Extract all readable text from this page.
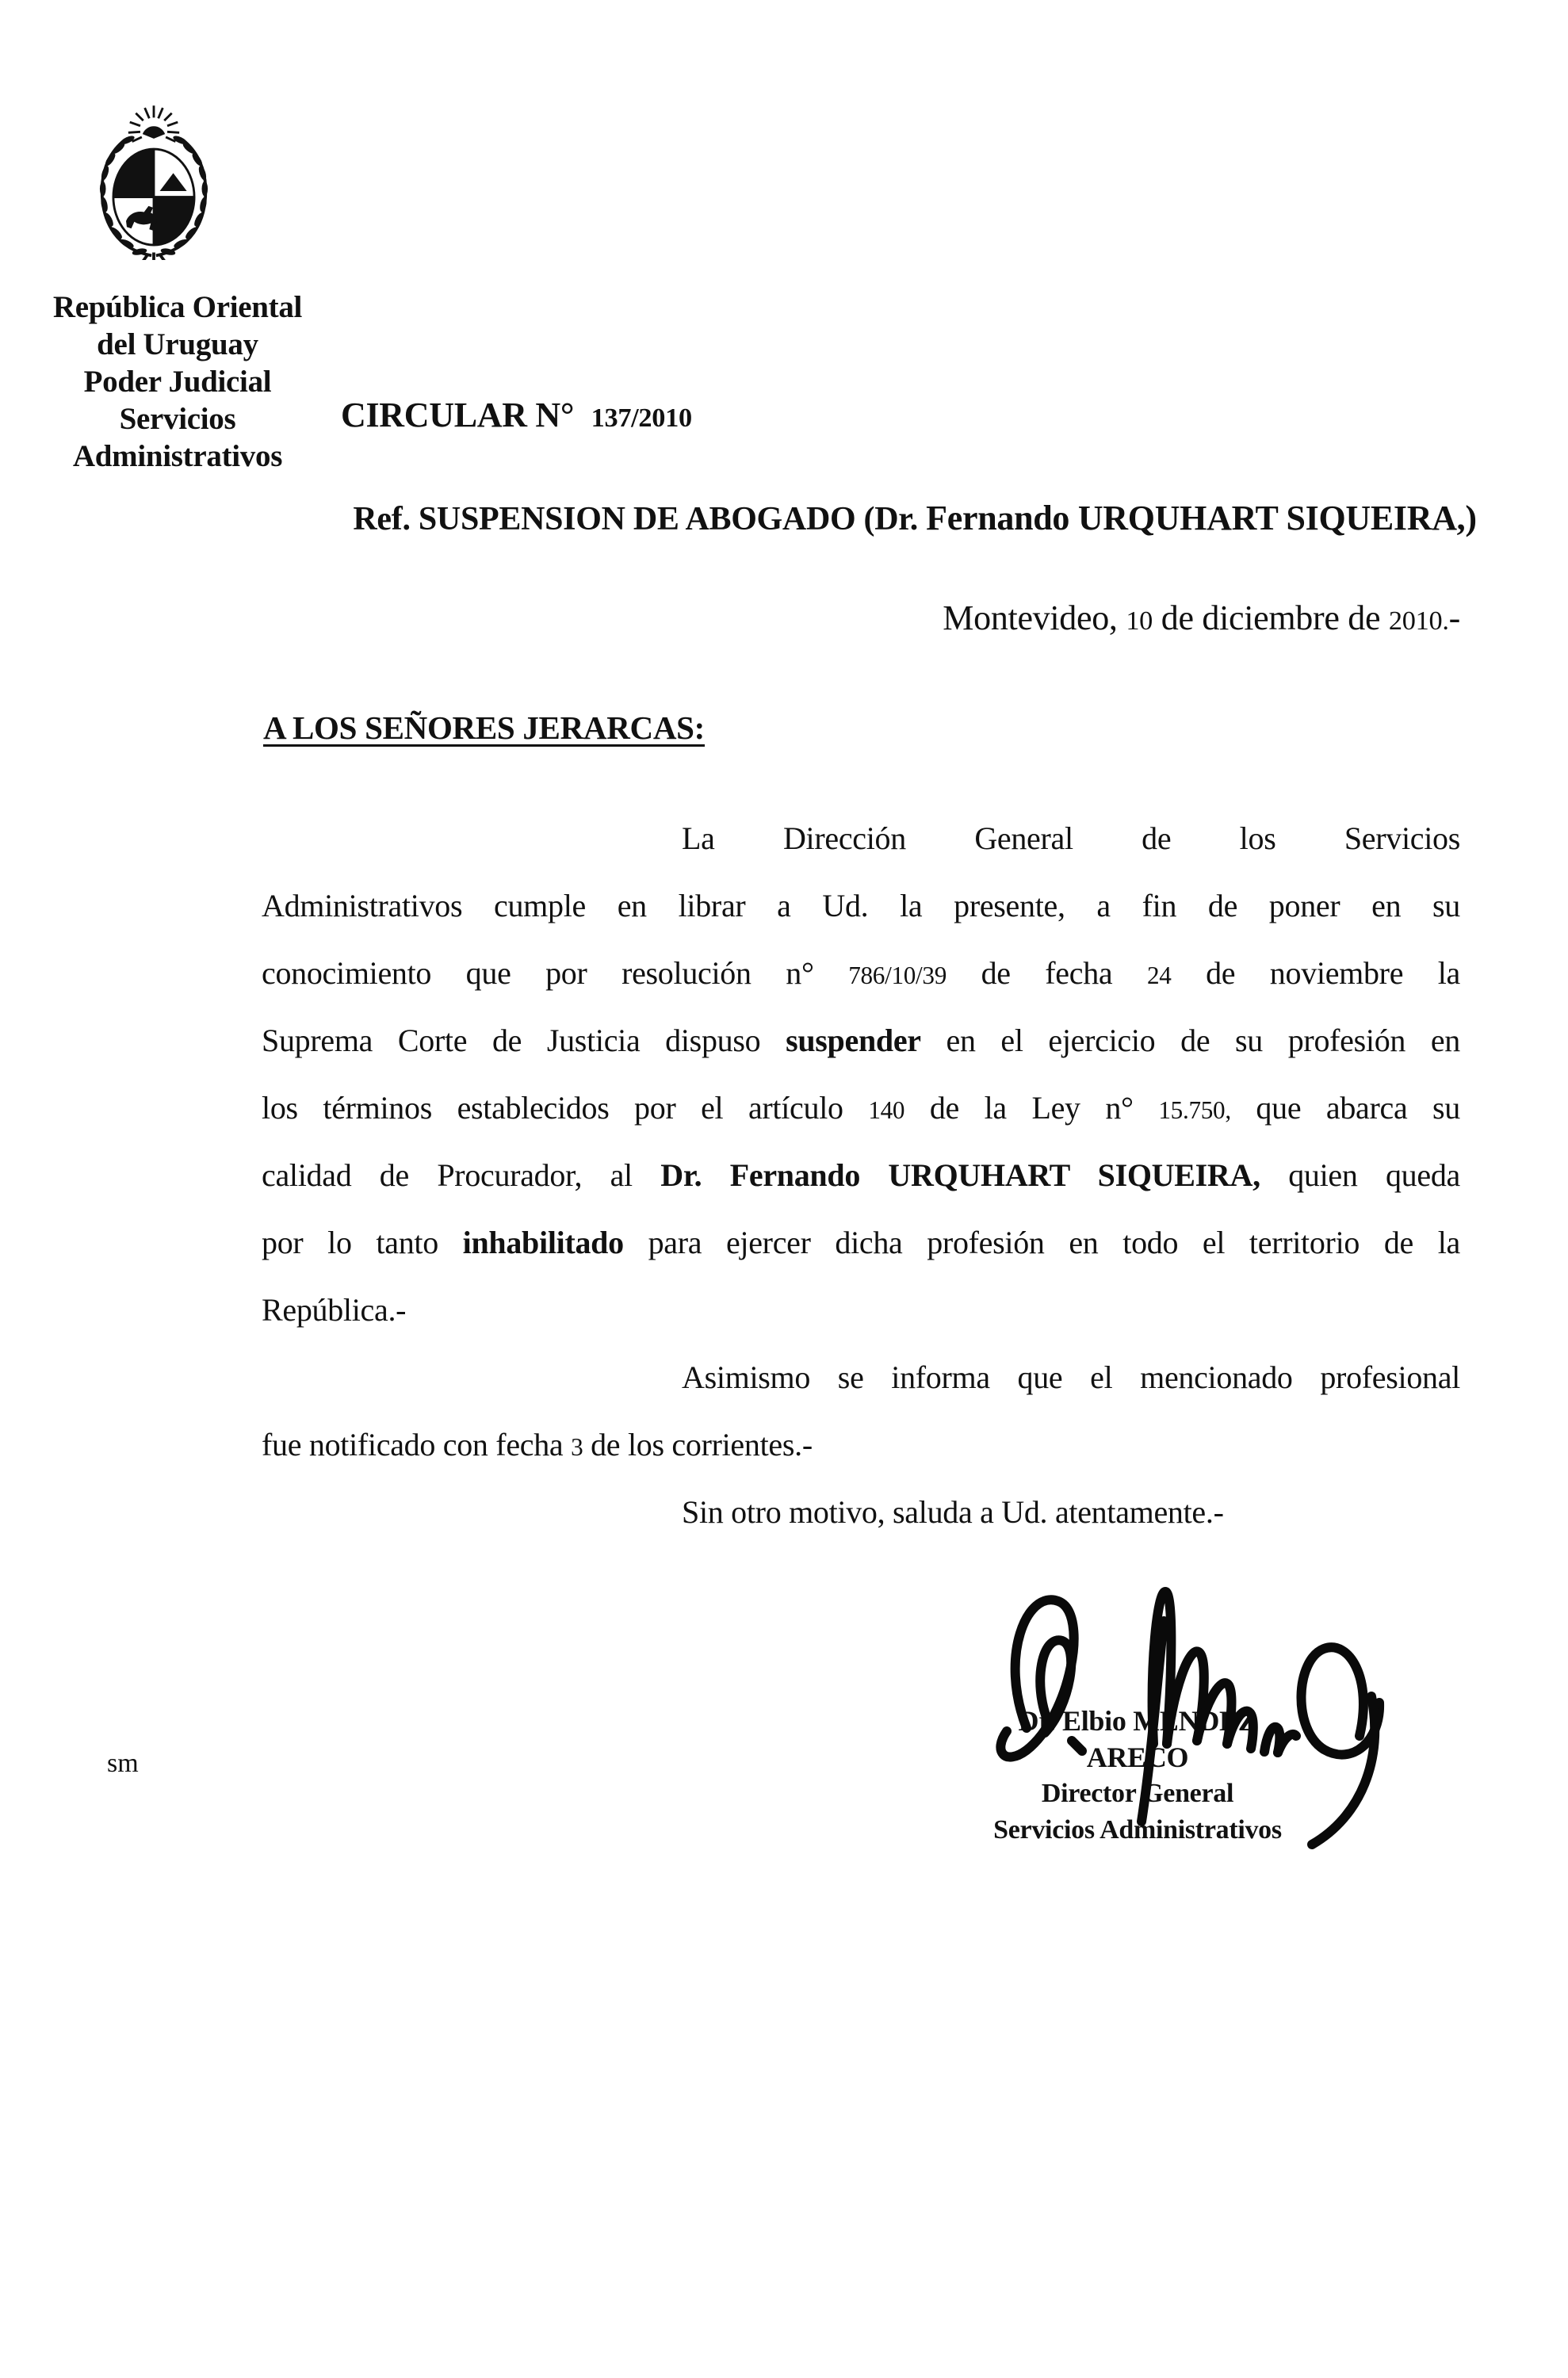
República Oriental
del Uruguay
Poder Judicial
Servicios
Administrativos
CIRCULAR N°  137/2010

Ref. SUSPENSION DE ABOGADO (Dr. Fernando URQUHART SIQUEIRA,)

Montevideo, 10 de diciembre de 2010.-
A LOS SEÑORES JERARCAS:
La Dirección General de los Servicios
Administrativos cumple en librar a Ud. la presente, a fin de poner en su
conocimiento que por resolución n° 786/10/39 de fecha 24 de noviembre la
Suprema Corte de Justicia dispuso suspender en el ejercicio de su profesión en
los términos establecidos por el artículo 140 de la Ley n° 15.750, que abarca su
calidad de Procurador, al Dr. Fernando URQUHART SIQUEIRA, quien queda
por lo tanto inhabilitado para ejercer dicha profesión en todo el territorio de la
República.-
Asimismo se informa que el mencionado profesional
fue notificado con fecha 3 de los corrientes.-
Sin otro motivo, saluda a Ud. atentamente.-
Dr. Elbio MENDEZ ARECO
Director General
Servicios Administrativos
sm
